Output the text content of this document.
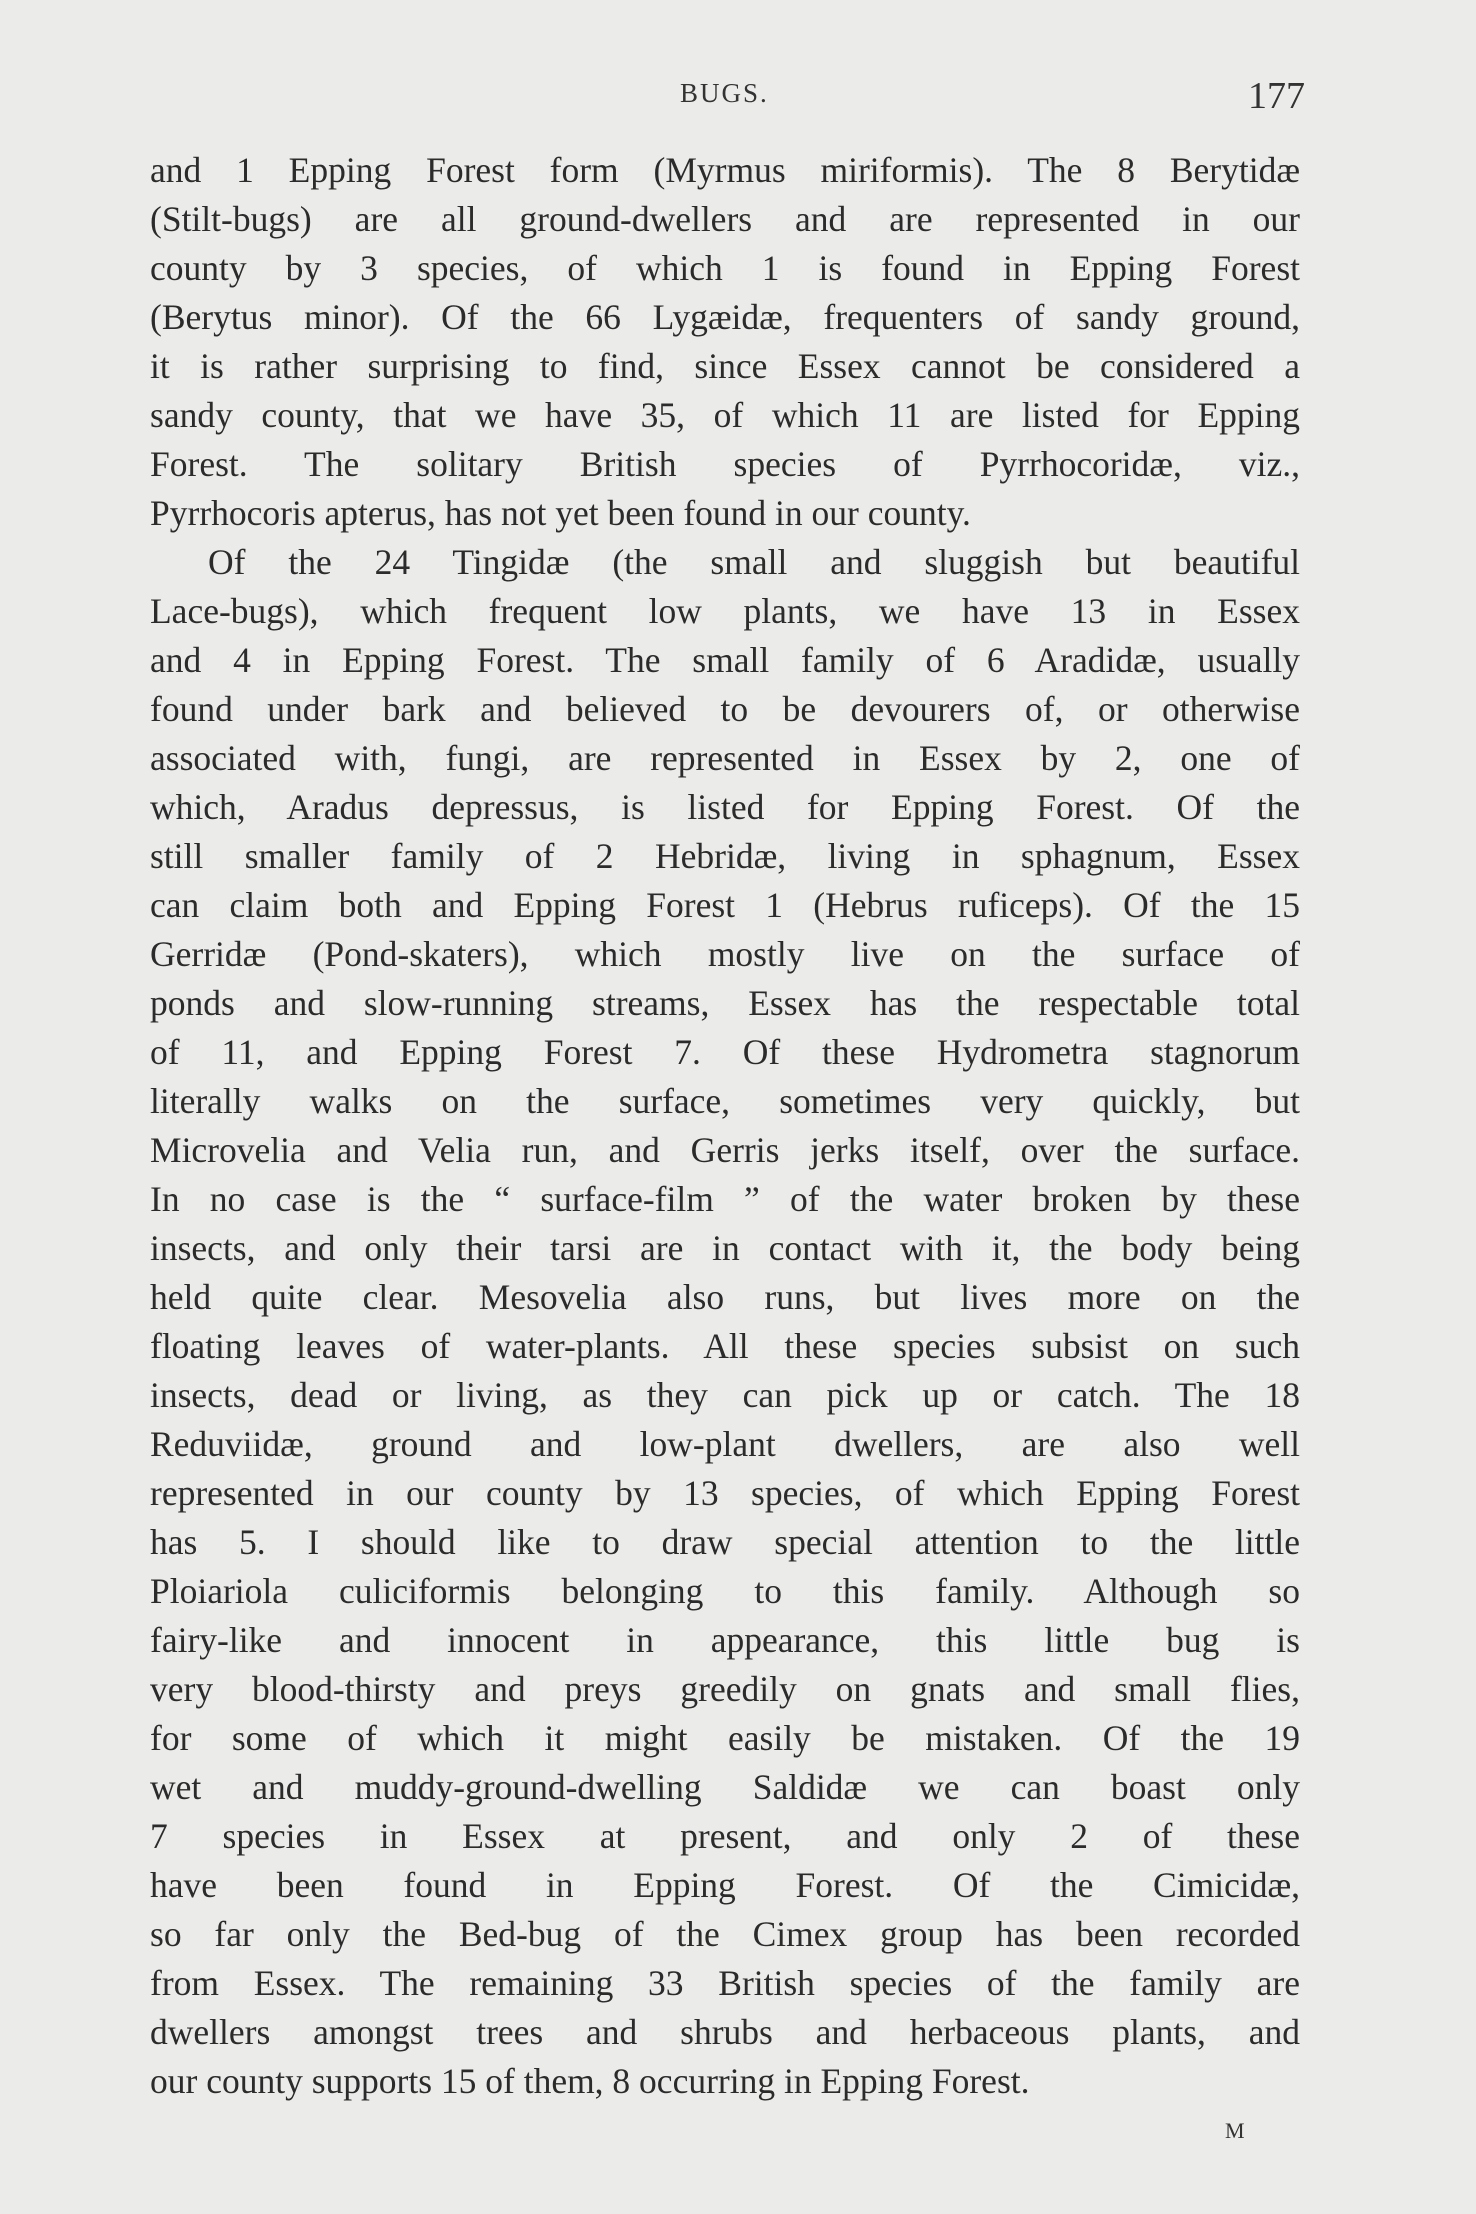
BUGS.	177
and 1 Epping Forest form (Myrmus miriformis). The 8 Berytidæ
(Stilt-bugs) are all ground-dwellers and are represented in our
county by 3 species, of which 1 is found in Epping Forest
(Berytus minor). Of the 66 Lygæidæ, frequenters of sandy ground,
it is rather surprising to find, since Essex cannot be considered a
sandy county, that we have 35, of which 11 are listed for Epping
Forest. The solitary British species of Pyrrhocoridæ, viz.,
Pyrrhocoris apterus, has not yet been found in our county.
Of the 24 Tingidæ (the small and sluggish but beautiful
Lace-bugs), which frequent low plants, we have 13 in Essex
and 4 in Epping Forest. The small family of 6 Aradidæ, usually
found under bark and believed to be devourers of, or otherwise
associated with, fungi, are represented in Essex by 2, one of
which, Aradus depressus, is listed for Epping Forest. Of the
still smaller family of 2 Hebridæ, living in sphagnum, Essex
can claim both and Epping Forest 1 (Hebrus ruficeps). Of the 15
Gerridæ (Pond-skaters), which mostly live on the surface of
ponds and slow-running streams, Essex has the respectable total
of 11, and Epping Forest 7. Of these Hydrometra stagnorum
literally walks on the surface, sometimes very quickly, but
Microvelia and Velia run, and Gerris jerks itself, over the surface.
In no case is the “ surface-film ” of the water broken by these
insects, and only their tarsi are in contact with it, the body being
held quite clear. Mesovelia also runs, but lives more on the
floating leaves of water-plants. All these species subsist on such
insects, dead or living, as they can pick up or catch. The 18
Reduviidæ, ground and low-plant dwellers, are also well
represented in our county by 13 species, of which Epping Forest
has 5. I should like to draw special attention to the little
Ploiariola culiciformis belonging to this family. Although so
fairy-like and innocent in appearance, this little bug is
very blood-thirsty and preys greedily on gnats and small flies,
for some of which it might easily be mistaken. Of the 19
wet and muddy-ground-dwelling Saldidæ we can boast only
7 species in Essex at present, and only 2 of these
have been found in Epping Forest. Of the Cimicidæ,
so far only the Bed-bug of the Cimex group has been recorded
from Essex. The remaining 33 British species of the family are
dwellers amongst trees and shrubs and herbaceous plants, and
our county supports 15 of them, 8 occurring in Epping Forest.
M
